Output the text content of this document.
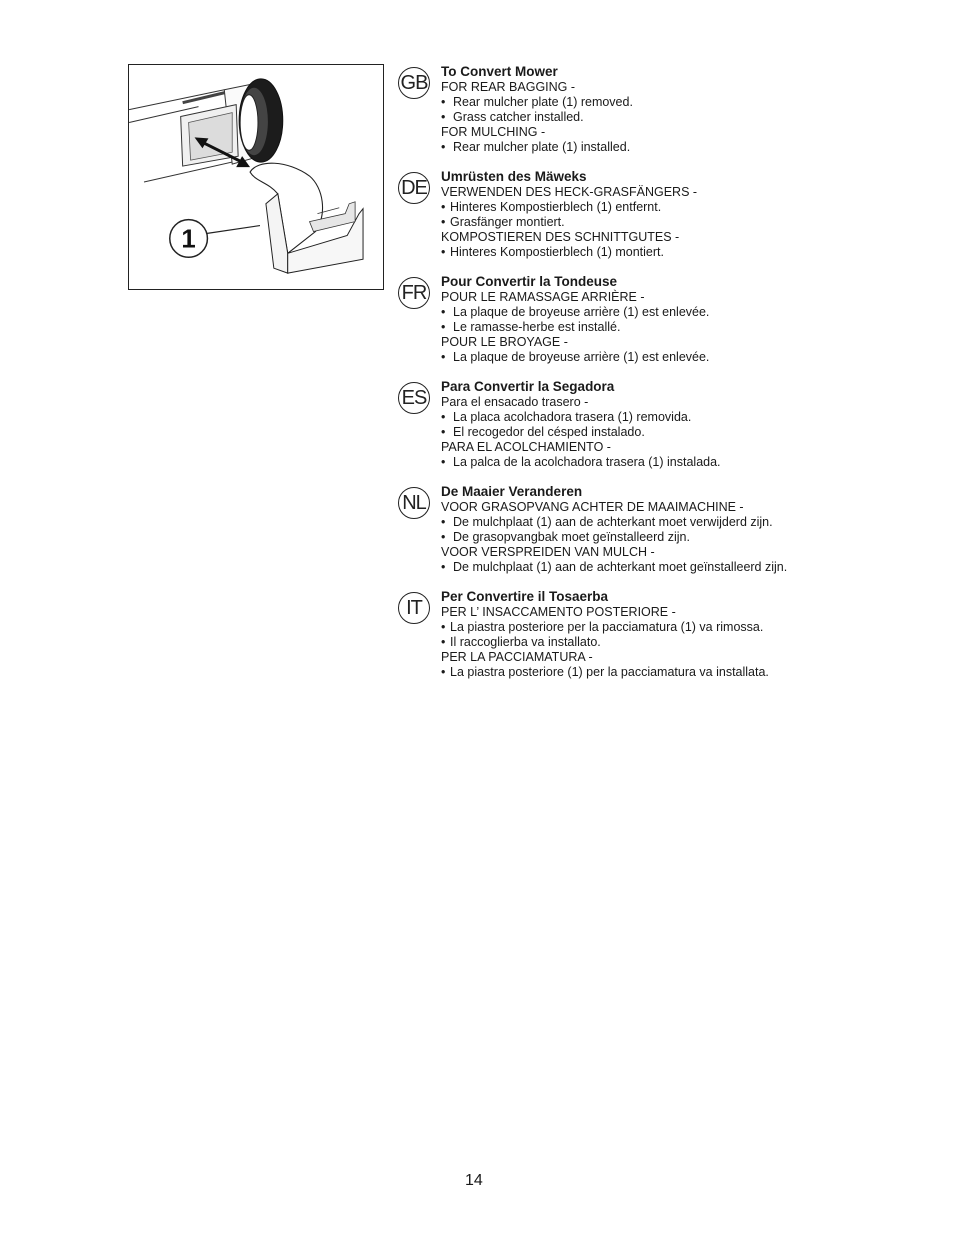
1
GB
To Convert Mower
FOR REAR BAGGING -
• Rear mulcher plate (1) removed.
• Grass catcher installed.
FOR MULCHING -
• Rear mulcher plate (1) installed.
DE
Umrüsten des Mäweks
VERWENDEN DES HECK-GRASFÄNGERS -
• Hinteres Kompostierblech (1) entfernt.
• Grasfänger montiert.
KOMPOSTIEREN DES SCHNITTGUTES -
• Hinteres Kompostierblech (1) montiert.
FR
Pour Convertir la Tondeuse
POUR LE RAMASSAGE ARRIÈRE -
• La plaque de broyeuse arrière (1) est enlevée.
• Le ramasse-herbe est installé.
POUR LE BROYAGE -
• La plaque de broyeuse arrière (1) est enlevée.
ES
Para Convertir la Segadora
Para el ensacado trasero -
• La placa acolchadora trasera (1) removida.
• El recogedor del césped instalado.
PARA EL ACOLCHAMIENTO -
• La palca de la acolchadora trasera (1) instalada.
NL
De Maaier Veranderen
VOOR GRASOPVANG ACHTER DE MAAIMACHINE -
• De mulchplaat (1) aan de achterkant moet verwijderd zijn.
• De grasopvangbak moet geïnstalleerd zijn.
VOOR VERSPREIDEN VAN MULCH -
• De mulchplaat (1) aan de achterkant moet geïnstalleerd zijn.
IT
Per Convertire il Tosaerba
PER L’ INSACCAMENTO POSTERIORE -
• La piastra posteriore per la pacciamatura (1) va rimossa.
• Il raccoglierba va installato.
PER LA PACCIAMATURA -
• La piastra posteriore (1) per la pacciamatura va installata.
14
